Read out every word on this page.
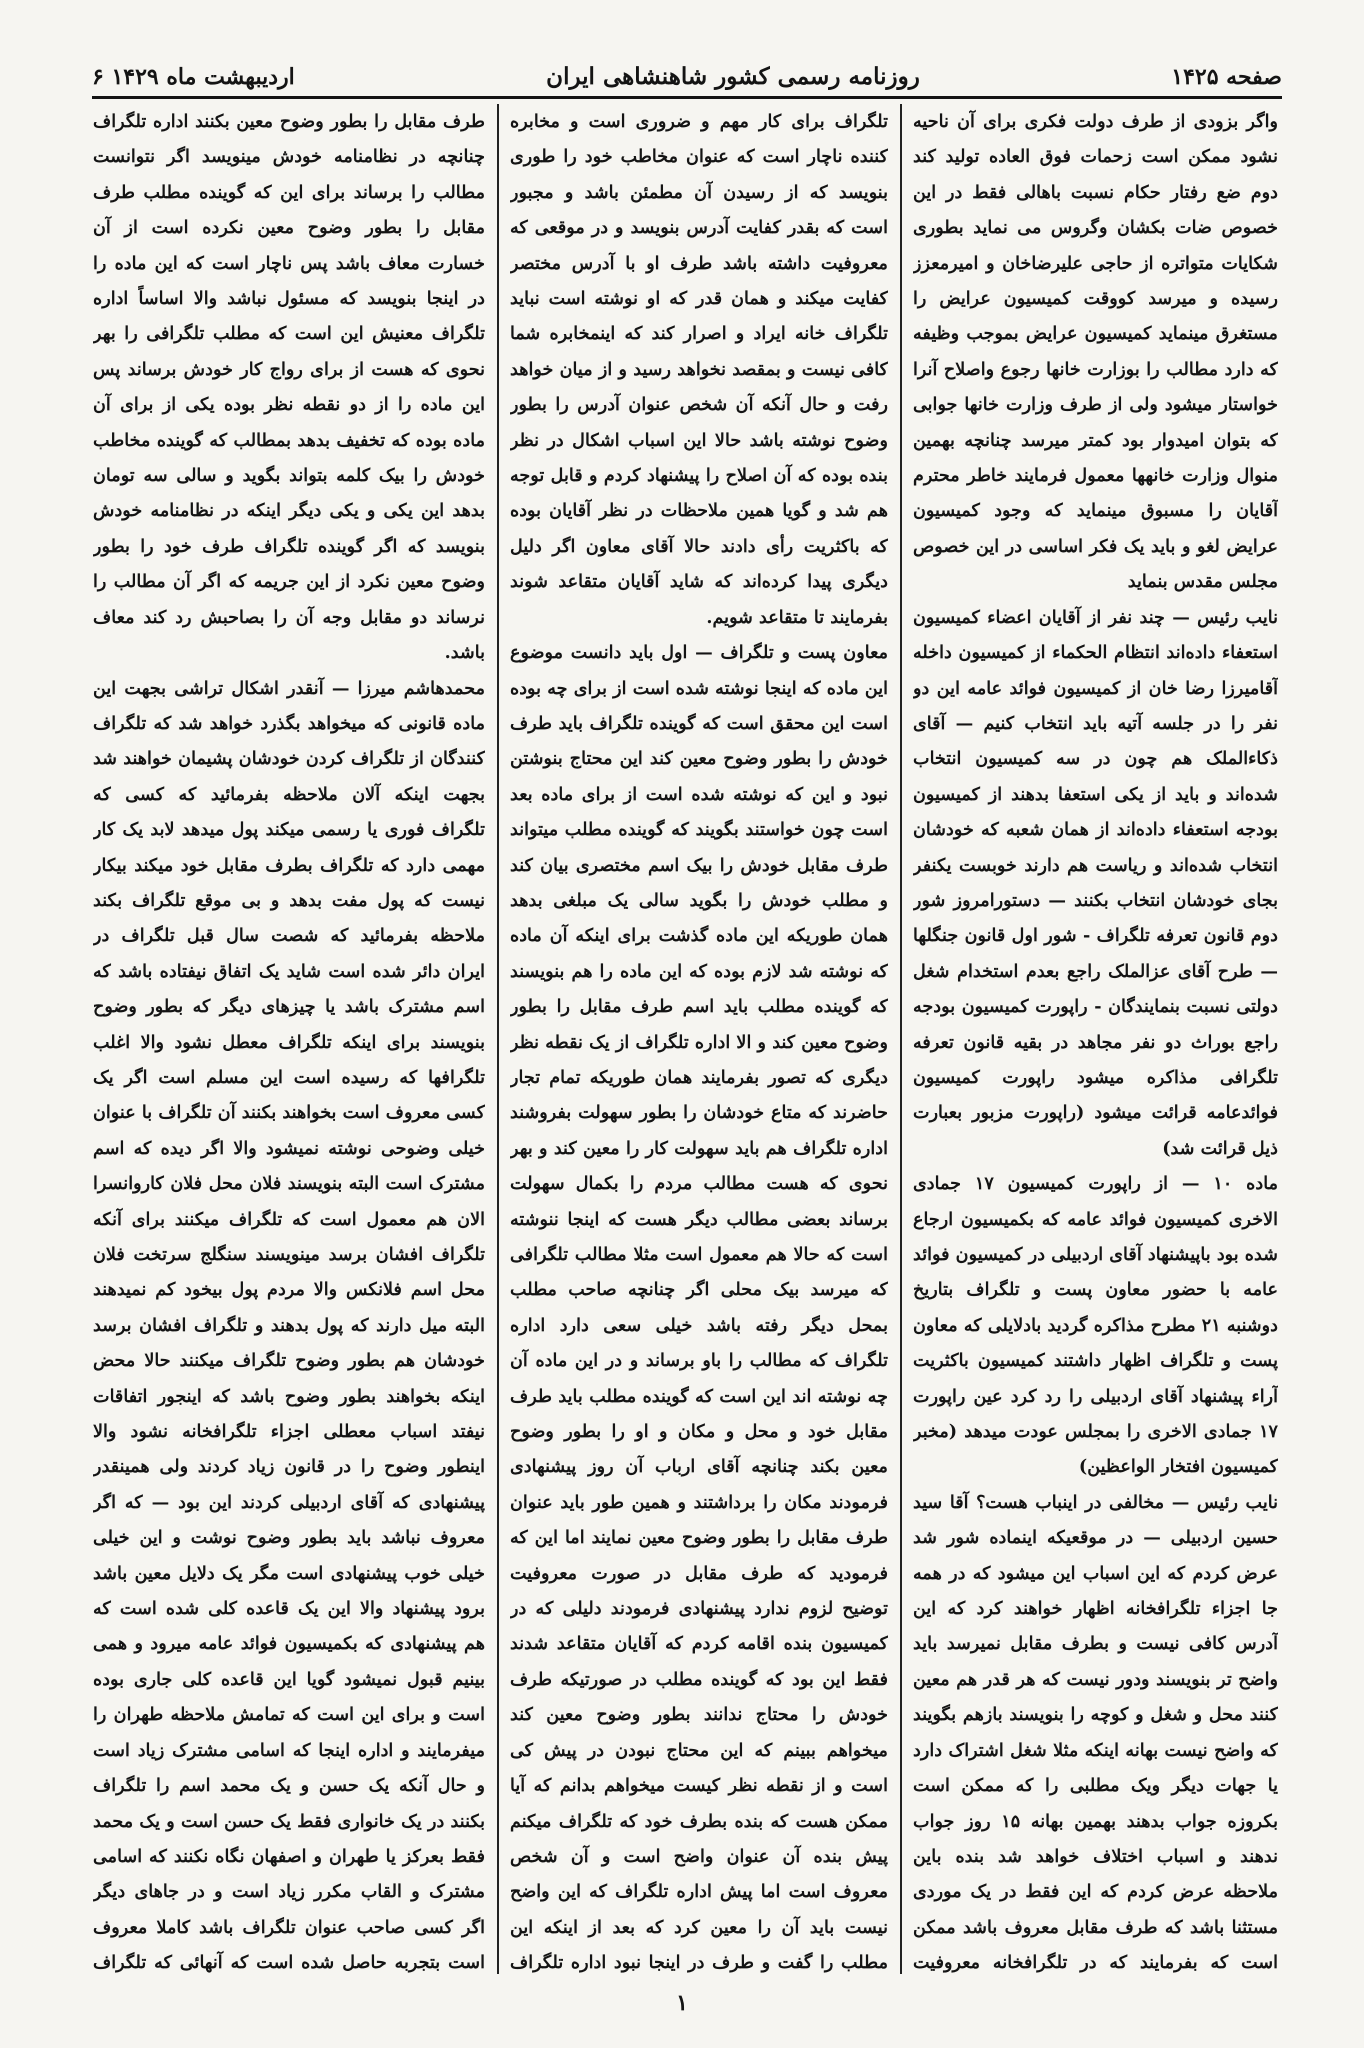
۶ اردیبهشت ماه ۱۴۲۹	روزنامه رسمی کشور شاهنشاهی ایران	صفحه ۱۴۲۵

واگر بزودی از طرف دولت فکری برای آن ناحیه نشود ممکن است زحمات فوق العاده تولید کند دوم ضع رفتار حکام نسبت باهالی فقط در این خصوص ضات بکشان وگروس می نماید بطوری شکایات متواتره از حاجی علیرضاخان و امیرمعزز رسیده و میرسد کووقت کمیسیون عرایض را مستغرق مینماید کمیسیون عرایض بموجب وظیفه که دارد مطالب را بوزارت خانها رجوع واصلاح آنرا خواستار میشود ولی از طرف وزارت خانها جوابی که بتوان امیدوار بود کمتر میرسد چنانچه بهمین منوال وزارت خانهها معمول فرمایند خاطر محترم آقایان را مسبوق مینماید که وجود کمیسیون عرایض لغو و باید یک فکر اساسی در این خصوص مجلس مقدس بنماید

نایب رئیس — چند نفر از آقایان اعضاء کمیسیون استعفاء داده‌اند انتظام الحکماء از کمیسیون داخله آقامیرزا رضا خان از کمیسیون فوائد عامه این دو نفر را در جلسه آتیه باید انتخاب کنیم — آقای ذکاءالملک هم چون در سه کمیسیون انتخاب شده‌اند و باید از یکی استعفا بدهند از کمیسیون بودجه استعفاء داده‌اند از همان شعبه که خودشان انتخاب شده‌اند و ریاست هم دارند خوبست یکنفر بجای خودشان انتخاب بکنند — دستورامروز شور دوم قانون تعرفه تلگراف - شور اول قانون جنگلها — طرح آقای عزالملک راجع بعدم استخدام شغل دولتی نسبت بنمایندگان - راپورت کمیسیون بودجه راجع بوراث دو نفر مجاهد در بقیه قانون تعرفه تلگرافی مذاکره میشود راپورت کمیسیون فوائدعامه قرائت میشود (راپورت مزبور بعبارت ذیل قرائت شد)

ماده ۱۰ — از راپورت کمیسیون ۱۷ جمادی الاخری کمیسیون فوائد عامه که بکمیسیون ارجاع شده بود باپیشنهاد آقای اردبیلی در کمیسیون فوائد عامه با حضور معاون پست و تلگراف بتاریخ دوشنبه ۲۱ مطرح مذاکره گردید بادلایلی که معاون پست و تلگراف اظهار داشتند کمیسیون باکثریت آراء پیشنهاد آقای اردبیلی را رد کرد عین راپورت ۱۷ جمادی الاخری را بمجلس عودت میدهد (مخبر کمیسیون افتخار الواعظین)

نایب رئیس — مخالفی در اینباب هست؟ آقا سید حسین اردبیلی — در موقعیکه اینماده شور شد عرض کردم که این اسباب این میشود که در همه جا اجزاء تلگرافخانه اظهار خواهند کرد که این آدرس کافی نیست و بطرف مقابل نمیرسد باید واضح تر بنویسند ودور نیست که هر قدر هم معین کنند محل و شغل و کوچه را بنویسند بازهم بگویند که واضح نیست بهانه اینکه مثلا شغل اشتراک دارد یا جهات دیگر ویک مطلبی را که ممکن است بکروزه جواب بدهند بهمین بهانه ۱۵ روز جواب ندهند و اسباب اختلاف خواهد شد بنده باین ملاحظه عرض کردم که این فقط در یک موردی مستثنا باشد که طرف مقابل معروف باشد ممکن است که بفرمایند که در تلگرافخانه معروفیت

تلگراف برای کار مهم و ضروری است و مخابره کننده ناچار است که عنوان مخاطب خود را طوری بنویسد که از رسیدن آن مطمئن باشد و مجبور است که بقدر کفایت آدرس بنویسد و در موقعی که معروفیت داشته باشد طرف او با آدرس مختصر کفایت میکند و همان قدر که او نوشته است نباید تلگراف خانه ایراد و اصرار کند که اینمخابره شما کافی نیست و بمقصد نخواهد رسید و از میان خواهد رفت و حال آنکه آن شخص عنوان آدرس را بطور وضوح نوشته باشد حالا این اسباب اشکال در نظر بنده بوده که آن اصلاح را پیشنهاد کردم و قابل توجه هم شد و گویا همین ملاحظات در نظر آقایان بوده که باکثریت رأی دادند حالا آقای معاون اگر دلیل دیگری پیدا کرده‌اند که شاید آقایان متقاعد شوند بفرمایند تا متقاعد شویم.

معاون پست و تلگراف — اول باید دانست موضوع این ماده که اینجا نوشته شده است از برای چه بوده است این محقق است که گوینده تلگراف باید طرف خودش را بطور وضوح معین کند این محتاج بنوشتن نبود و این که نوشته شده است از برای ماده بعد است چون خواستند بگویند که گوینده مطلب میتواند طرف مقابل خودش را بیک اسم مختصری بیان کند و مطلب خودش را بگوید سالی یک مبلغی بدهد همان طوریکه این ماده گذشت برای اینکه آن ماده که نوشته شد لازم بوده که این ماده را هم بنویسند که گوینده مطلب باید اسم طرف مقابل را بطور وضوح معین کند و الا اداره تلگراف از یک نقطه نظر دیگری که تصور بفرمایند همان طوریکه تمام تجار حاضرند که متاع خودشان را بطور سهولت بفروشند اداره تلگراف هم باید سهولت کار را معین کند و بهر نحوی که هست مطالب مردم را بکمال سهولت برساند بعضی مطالب دیگر هست که اینجا ننوشته است که حالا هم معمول است مثلا مطالب تلگرافی که میرسد بیک محلی اگر چنانچه صاحب مطلب بمحل دیگر رفته باشد خیلی سعی دارد اداره تلگراف که مطالب را باو برساند و در این ماده آن چه نوشته اند این است که گوینده مطلب باید طرف مقابل خود و محل و مکان و او را بطور وضوح معین بکند چنانچه آقای ارباب آن روز پیشنهادی فرمودند مکان را برداشتند و همین طور باید عنوان طرف مقابل را بطور وضوح معین نمایند اما این که فرمودید که طرف مقابل در صورت معروفیت توضیح لزوم ندارد پیشنهادی فرمودند دلیلی که در کمیسیون بنده اقامه کردم که آقایان متقاعد شدند فقط این بود که گوینده مطلب در صورتیکه طرف خودش را محتاج ندانند بطور وضوح معین کند میخواهم ببینم که این محتاج نبودن در پیش کی است و از نقطه نظر کیست میخواهم بدانم که آیا ممکن هست که بنده بطرف خود که تلگراف میکنم پیش بنده آن عنوان واضح است و آن شخص معروف است اما پیش اداره تلگراف که این واضح نیست باید آن را معین کرد که بعد از اینکه این مطلب را گفت و طرف در اینجا نبود اداره تلگراف

طرف مقابل را بطور وضوح معین بکنند اداره تلگراف چنانچه در نظامنامه خودش مینویسد اگر نتوانست مطالب را برساند برای این که گوینده مطلب طرف مقابل را بطور وضوح معین نکرده است از آن خسارت معاف باشد پس ناچار است که این ماده را در اینجا بنویسد که مسئول نباشد والا اساساً اداره تلگراف معنیش این است که مطلب تلگرافی را بهر نحوی که هست از برای رواج کار خودش برساند پس این ماده را از دو نقطه نظر بوده یکی از برای آن ماده بوده که تخفیف بدهد بمطالب که گوینده مخاطب خودش را بیک کلمه بتواند بگوید و سالی سه تومان بدهد این یکی و یکی دیگر اینکه در نظامنامه خودش بنویسد که اگر گوینده تلگراف طرف خود را بطور وضوح معین نکرد از این جریمه که اگر آن مطالب را نرساند دو مقابل وجه آن را بصاحبش رد کند معاف باشد.

محمدهاشم میرزا — آنقدر اشکال تراشی بجهت این ماده قانونی که میخواهد بگذرد خواهد شد که تلگراف کنندگان از تلگراف کردن خودشان پشیمان خواهند شد بجهت اینکه آلان ملاحظه بفرمائید که کسی که تلگراف فوری یا رسمی میکند پول میدهد لابد یک کار مهمی دارد که تلگراف بطرف مقابل خود میکند بیکار نیست که پول مفت بدهد و بی موقع تلگراف بکند ملاحظه بفرمائید که شصت سال قبل تلگراف در ایران دائر شده است شاید یک اتفاق نیفتاده باشد که اسم مشترک باشد یا چیزهای دیگر که بطور وضوح بنویسند برای اینکه تلگراف معطل نشود والا اغلب تلگرافها که رسیده است این مسلم است اگر یک کسی معروف است بخواهند بکنند آن تلگراف با عنوان خیلی وضوحی نوشته نمیشود والا اگر دیده که اسم مشترک است البته بنویسند فلان محل فلان کاروانسرا الان هم معمول است که تلگراف میکنند برای آنکه تلگراف افشان برسد مینویسند سنگلج سرتخت فلان محل اسم فلانکس والا مردم پول بیخود کم نمیدهند البته میل دارند که پول بدهند و تلگراف افشان برسد خودشان هم بطور وضوح تلگراف میکنند حالا محض اینکه بخواهند بطور وضوح باشد که اینجور اتفاقات نیفتد اسباب معطلی اجزاء تلگرافخانه نشود والا اینطور وضوح را در قانون زیاد کردند ولی همینقدر پیشنهادی که آقای اردبیلی کردند این بود — که اگر معروف نباشد باید بطور وضوح نوشت و این خیلی خیلی خوب پیشنهادی است مگر یک دلایل معین باشد برود پیشنهاد والا این یک قاعده کلی شده است که هم پیشنهادی که بکمیسیون فوائد عامه میرود و همی بینیم قبول نمیشود گویا این قاعده کلی جاری بوده است و برای این است که تمامش ملاحظه طهران را میفرمایند و اداره اینجا که اسامی مشترک زیاد است و حال آنکه یک حسن و یک محمد اسم را تلگراف بکنند در یک خانواری فقط یک حسن است و یک محمد فقط بعرکز یا طهران و اصفهان نگاه نکنند که اسامی مشترک و القاب مکرر زیاد است و در جاهای دیگر اگر کسی صاحب عنوان تلگراف باشد کاملا معروف است بتجربه حاصل شده است که آنهائی که تلگراف

۱
